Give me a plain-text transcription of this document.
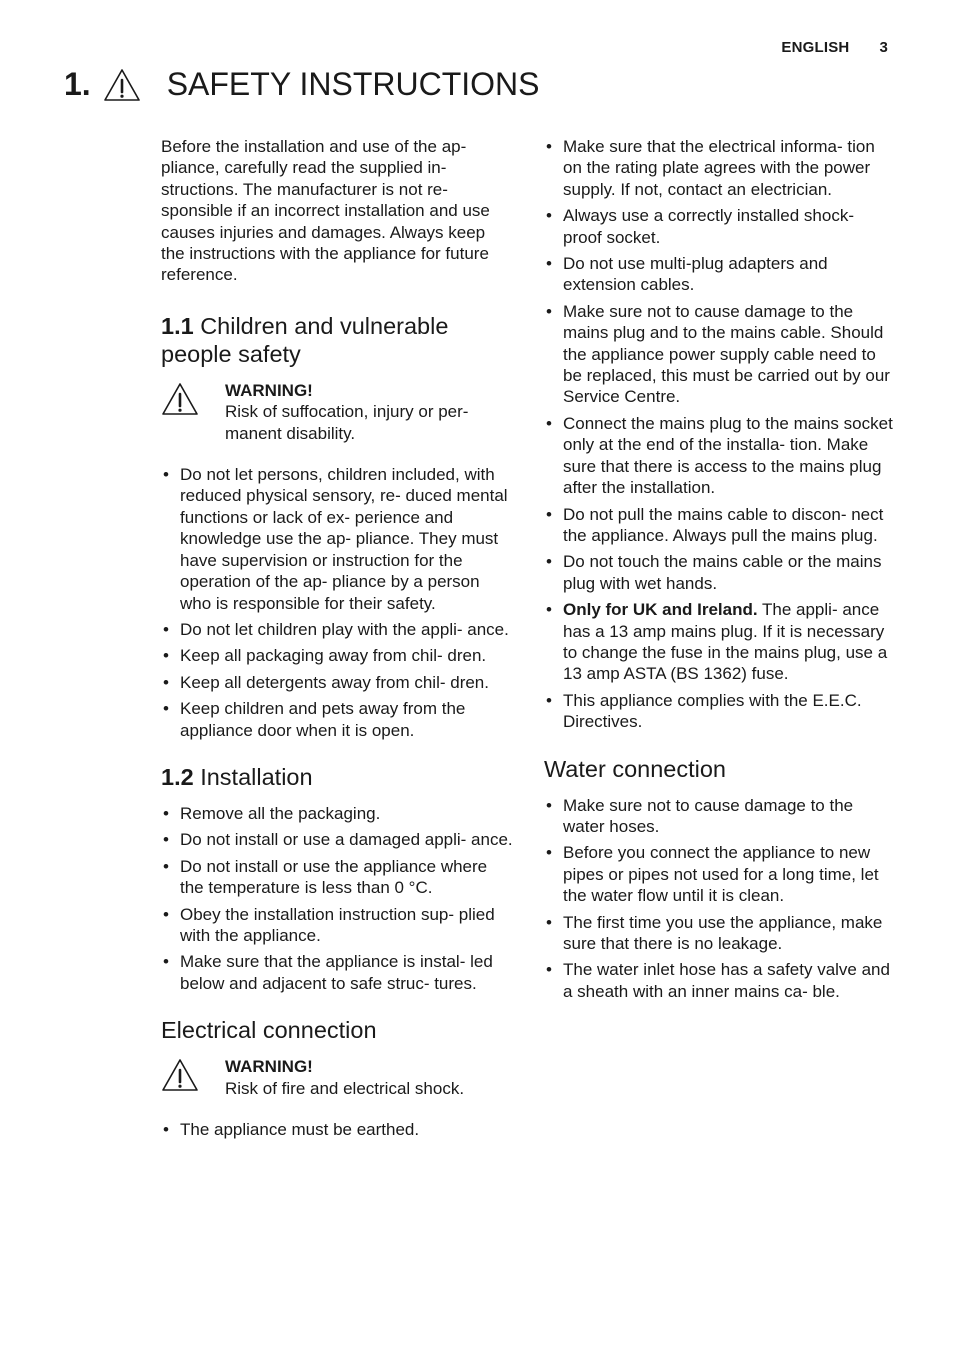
ENGLISH 3
1. SAFETY INSTRUCTIONS

Before the installation and use of the ap- pliance, carefully read the supplied in- structions. The manufacturer is not re- sponsible if an incorrect installation and use causes injuries and damages. Always keep the instructions with the appliance for future reference.

1.1 Children and vulnerable people safety
WARNING!
Risk of suffocation, injury or per- manent disability.
• Do not let persons, children included, with reduced physical sensory, re- duced mental functions or lack of ex- perience and knowledge use the ap- pliance. They must have supervision or instruction for the operation of the ap- pliance by a person who is responsible for their safety.
• Do not let children play with the appli- ance.
• Keep all packaging away from chil- dren.
• Keep all detergents away from chil- dren.
• Keep children and pets away from the appliance door when it is open.
1.2 Installation
• Remove all the packaging.
• Do not install or use a damaged appli- ance.
• Do not install or use the appliance where the temperature is less than 0 °C.
• Obey the installation instruction sup- plied with the appliance.
• Make sure that the appliance is instal- led below and adjacent to safe struc- tures.
Electrical connection
WARNING!
Risk of fire and electrical shock.
• The appliance must be earthed.
• Make sure that the electrical informa- tion on the rating plate agrees with the power supply. If not, contact an electrician.
• Always use a correctly installed shock- proof socket.
• Do not use multi-plug adapters and extension cables.
• Make sure not to cause damage to the mains plug and to the mains cable. Should the appliance power supply cable need to be replaced, this must be carried out by our Service Centre.
• Connect the mains plug to the mains socket only at the end of the installa- tion. Make sure that there is access to the mains plug after the installation.
• Do not pull the mains cable to discon- nect the appliance. Always pull the mains plug.
• Do not touch the mains cable or the mains plug with wet hands.
• Only for UK and Ireland. The appli- ance has a 13 amp mains plug. If it is necessary to change the fuse in the mains plug, use a 13 amp ASTA (BS 1362) fuse.
• This appliance complies with the E.E.C. Directives.
Water connection
• Make sure not to cause damage to the water hoses.
• Before you connect the appliance to new pipes or pipes not used for a long time, let the water flow until it is clean.
• The first time you use the appliance, make sure that there is no leakage.
• The water inlet hose has a safety valve and a sheath with an inner mains ca- ble.
